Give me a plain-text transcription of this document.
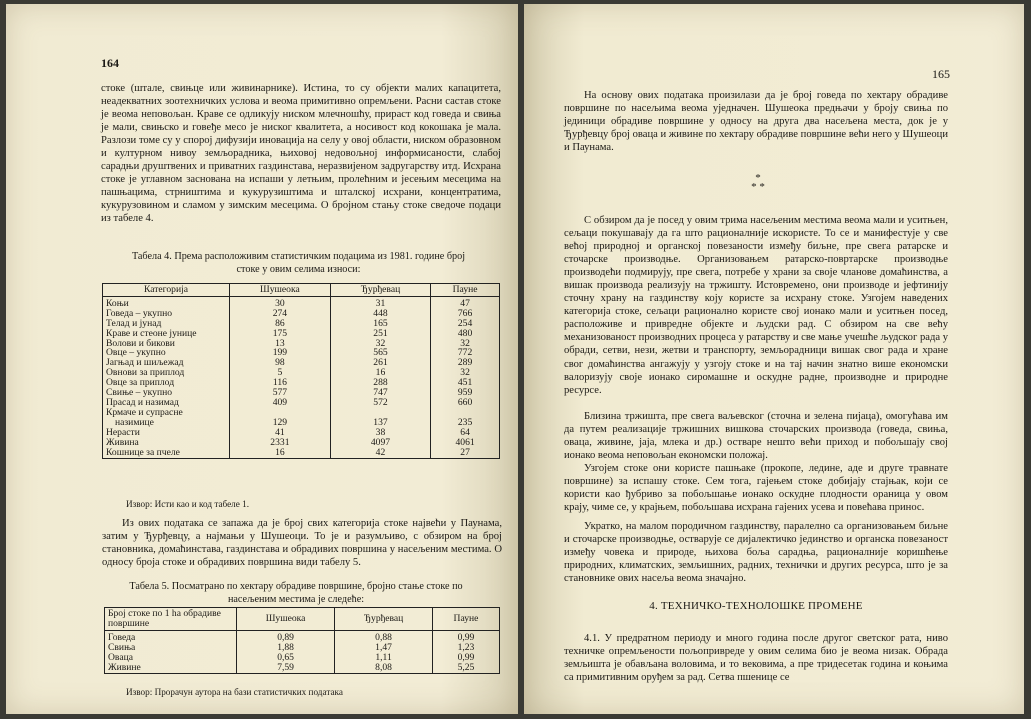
164

стоке (штале, свињце или живинарнике). Истина, то су објекти малих капацитета, неадекватних зоотехничких услова и веома примитивно опремљени. Расни састав стоке је веома неповољан. Краве се одликују ниском млечношћу, прираст код говеда и свиња је мали, свињско и говеђе месо је ниског квалитета, а носивост код кокошака је мала. Разлози томе су у спорој дифузији иновација на селу у овој области, ниском образовном и културном нивоу земљорадника, њиховој недовољној информисаности, слабој сарадњи друштвених и приватних газдинстава, неразвијеном задругарству итд. Исхрана стоке је углавном заснована на испаши у летњим, пролећним и јесењим месецима на пашњацима, стрништима и кукурузиштима и шталској исхрани, концентратима, кукурузовином и сламом у зимским месецима. О бројном стању стоке сведоче подаци из табеле 4.

Табела 4. Према расположивим статистичким подацима из 1981. године број стоке у овим селима износи:

Категорија	Шушеока	Ђурђевац	Пауне
Коњи	30	31	47
Говеда – укупно	274	448	766
Телад и јунад	86	165	254
Краве и стеоне јунице	175	251	480
Волови и бикови	13	32	32
Овце – укупно	199	565	772
Јагњад и шиљежад	98	261	289
Овнови за приплод	5	16	32
Овце за приплод	116	288	451
Свиње – укупно	577	747	959
Прасад и назимад	409	572	660
Крмаче и супрасне			
назимице	129	137	235
Нерасти	41	38	64
Живина	2331	4097	4061
Кошнице за пчеле	16	42	27

Извор: Исти као и код табеле 1.

Из ових података се запажа да је број свих категорија стоке највећи у Паунама, затим у Ђурђевцу, а најмањи у Шушеоци. То је и разумљиво, с обзиром на број становника, домаћинстава, газдинстава и обрадивих површина у насељеним местима. О односу броја стоке и обрадивих површина види табелу 5.

Табела 5. Посматрано по хектару обрадиве површине, бројно стање стоке по насељеним местима је следеће:

Број стоке по 1 ha обрадиве површине	Шушеока	Ђурђевац	Пауне
Говеда	0,89	0,88	0,99
Свиња	1,88	1,47	1,23
Оваца	0,65	1,11	0,99
Живине	7,59	8,08	5,25

Извор: Прорачун аутора на бази статистичких података

165

На основу ових података произилази да је број говеда по хектару обрадиве површине по насељима веома уједначен. Шушеока предњачи у броју свиња по јединици обрадиве површине у односу на друга два насељена места, док је у Ђурђевцу број оваца и живине по хектару обрадиве површине већи него у Шушеоци и Паунама.

*
* *

С обзиром да је посед у овим трима насељеним местима веома мали и уситњен, сељаци покушавају да га што рационалније искористе. То се и манифестује у све већој природној и органској повезаности између биљне, пре свега ратарске и сточарске производње. Организовањем ратарско-повртарске производње производећи подмирују, пре свега, потребе у храни за своје чланове домаћинства, а вишак производа реализују на тржишту. Истовремено, они производе и јефтинију сточну храну на газдинству коју користе за исхрану стоке. Узгојем наведених категорија стоке, сељаци рационално користе свој ионако мали и уситњен посед, расположиве и привредне објекте и људски рад. С обзиром на све већу механизованост производних процеса у ратарству и све мање учешће људског рада у обради, сетви, нези, жетви и транспорту, земљорадници вишак свог рада и хране свог домаћинства ангажују у узгоју стоке и на тај начин знатно више економски валоризују своје ионако сиромашне и оскудне радне, производне и природне ресурсе.

Близина тржишта, пре свега ваљевског (сточна и зелена пијаца), омогућава им да путем реализације тржишних вишкова сточарских производа (говеда, свиња, оваца, живине, јаја, млека и др.) остваре нешто већи приход и побољшају свој ионако веома неповољан економски положај.

Узгојем стоке они користе пашњаке (прокопе, ледине, аде и друге травнате површине) за испашу стоке. Сем тога, гајењем стоке добијају стајњак, који се користи као ђубриво за побољшање ионако оскудне плодности ораница у овом крају, чиме се, у крајњем, побољшава исхрана гајених усева и повећава принос.

Укратко, на малом породичном газдинству, паралелно са организовањем биљне и сточарске производње, остварује се дијалектичко јединство и органска повезаност између човека и природе, њихова боља сарадња, рационалније коришћење природних, климатских, земљишних, радних, технички и других ресурса, што је за становнике ових насеља веома значајно.

4. ТЕХНИЧКО-ТЕХНОЛОШКЕ ПРОМЕНЕ

4.1. У предратном периоду и много година после другог светског рата, ниво техничке опремљености пољопривреде у овим селима био је веома низак. Обрада земљишта је обављана воловима, и то вековима, а пре тридесетак година и коњима са примитивним оруђем за рад. Сетва пшенице се
